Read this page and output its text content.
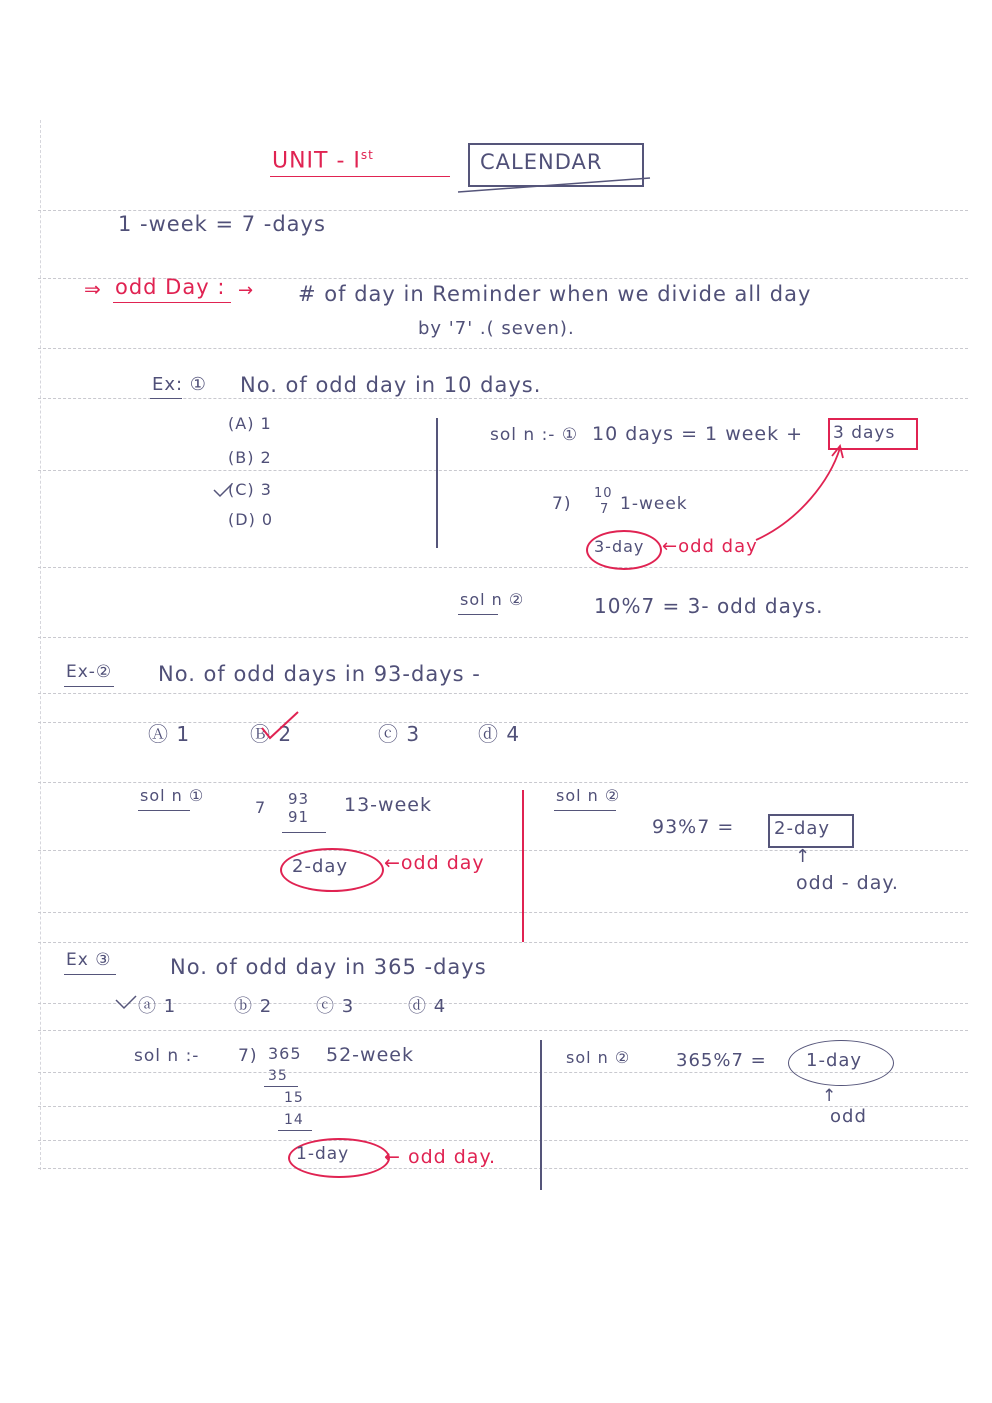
UNIT - Ist	CALENDAR
1 -week = 7 -days
⇒ odd Day : → # of day in Reminder when we divide all day
by '7' .( seven).
Ex: ① No. of odd day in 10 days.
(A) 1
(B) 2
(C) 3
(D) 0
sol n :- ① 10 days = 1 week + 3 days
7)
10
7 1-week
3-day ←odd day
sol n ②	10%7 = 3- odd days.
Ex-② No. of odd days in 93-days -
Ⓐ 1	Ⓑ 2	ⓒ 3	ⓓ 4
sol n ①
7 93
91
13-week
2-day ←odd day
sol n ②
93%7 = 2-day
↑
odd - day.
Ex ③	No. of odd day in 365 -days
ⓐ 1	ⓑ 2 ⓒ 3	ⓓ 4
sol n :- 7) 365
35
15
14
52-week
1-day ← odd day.
sol n ②	365%7 = 1-day
↑
odd
